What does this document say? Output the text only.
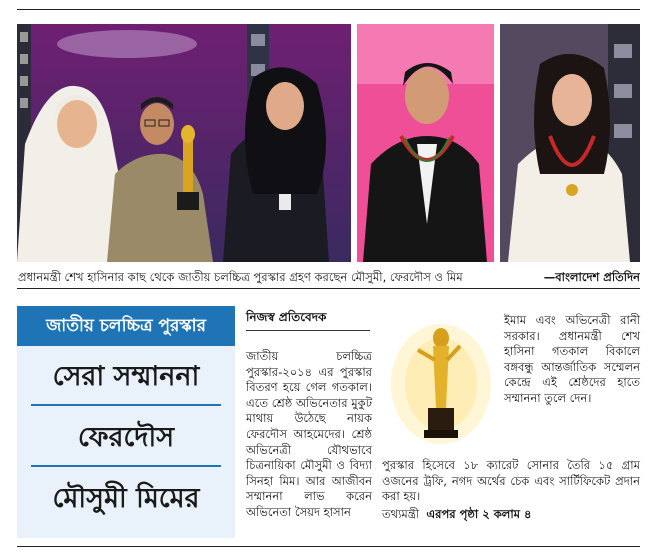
প্রধানমন্ত্রী শেখ হাসিনার কাছ থেকে জাতীয় চলচ্চিত্র পুরস্কার গ্রহণ করছেন মৌসুমী, ফেরদৌস ও মিম	—বাংলাদেশ প্রতিদিন
জাতীয় চলচ্চিত্র পুরস্কার
সেরা সম্মাননা
ফেরদৌস
মৌসুমী মিমের
নিজস্ব প্রতিবেদক

জাতীয় চলচ্চিত্র পুরস্কার-২০১৪ এর পুরস্কার বিতরণ হয়ে গেল গতকাল। এতে শ্রেষ্ঠ অভিনেতার মুকুট মাথায় উঠেছে নায়ক ফেরদৌস আহমেদের। শ্রেষ্ঠ অভিনেত্রী যৌথভাবে চিত্রনায়িকা মৌসুমী ও বিদ্যা সিনহা মিম। আর আজীবন সম্মাননা লাভ করেন অভিনেতা সৈয়দ হাসান

ইমাম এবং অভিনেত্রী রানী সরকার। প্রধানমন্ত্রী শেখ হাসিনা গতকাল বিকালে বঙ্গবন্ধু আন্তর্জাতিক সম্মেলন কেন্দ্রে এই শ্রেষ্ঠদের হাতে সম্মাননা তুলে দেন।

পুরস্কার হিসেবে ১৮ ক্যারেট সোনার তৈরি ১৫ গ্রাম ওজনের ট্রফি, নগদ অর্থের চেক এবং সার্টিফিকেট প্রদান করা হয়।

তথ্যমন্ত্রী এরপর পৃষ্ঠা ২ কলাম ৪
